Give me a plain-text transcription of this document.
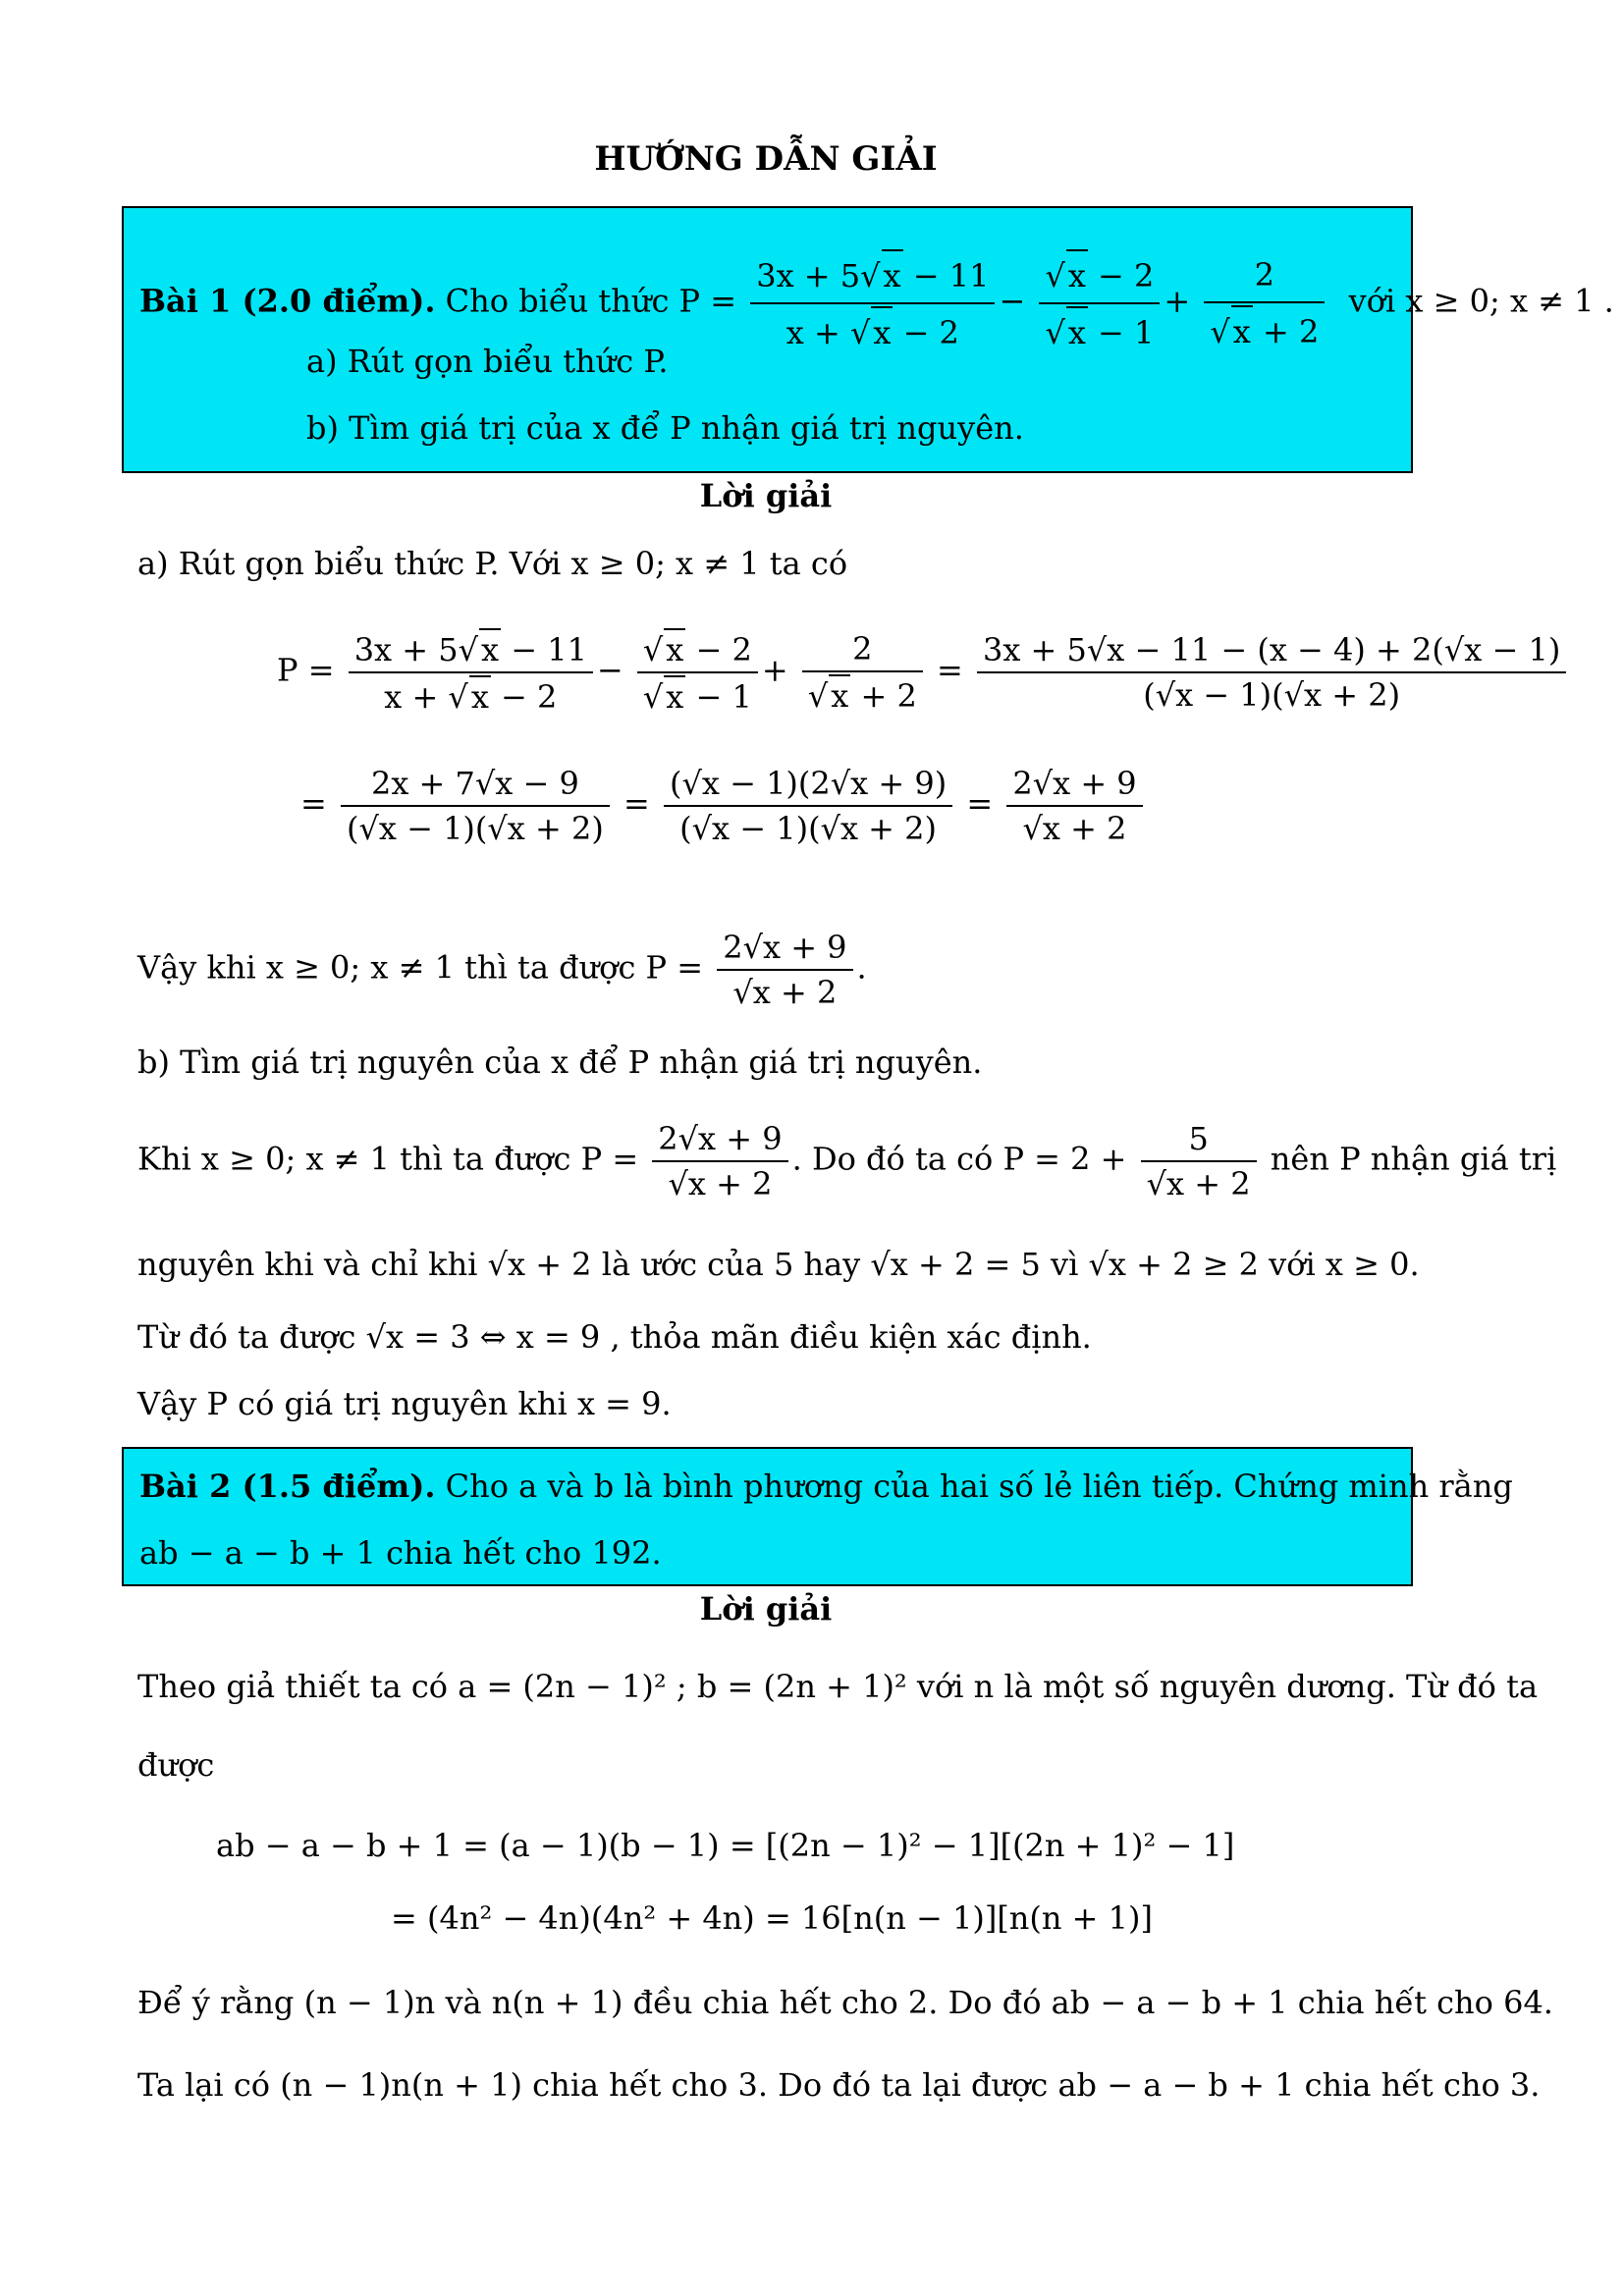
HƯỚNG DẪN GIẢI
Bài 1 (2.0 điểm). Cho biểu thức $P = \frac{3x + 5√x - 11}{x + √x - 2} - \frac{√x - 2}{√x - 1} + \frac{2}{√x + 2}$ với x ≥ 0; x ≠ 1 .
a) Rút gọn biểu thức P.
b) Tìm giá trị của x để P nhận giá trị nguyên.
Lời giải
a) Rút gọn biểu thức P. Với x ≥ 0; x ≠ 1 ta có
$P = \frac{3x + 5√x - 11}{x + √x - 2} - \frac{√x - 2}{√x - 1} + \frac{2}{√x + 2} = \frac{3x + 5√x - 11 - (x - 4) + 2(√x - 1)}{(√x - 1)(√x + 2)}$
= $\frac{2x + 7√x - 9}{(√x - 1)(√x + 2)} = \frac{(√x - 1)(2√x + 9)}{(√x - 1)(√x + 2)} = \frac{2√x + 9}{√x + 2}$
Vậy khi x ≥ 0; x ≠ 1 thì ta được $P = \frac{2√x + 9}{√x + 2}$ .
b) Tìm giá trị nguyên của x để P nhận giá trị nguyên.
Khi x ≥ 0; x ≠ 1 thì ta được $P = \frac{2√x + 9}{√x + 2}$ . Do đó ta có $P = 2 + \frac{5}{√x + 2}$ nên P nhận giá trị
nguyên khi và chỉ khi √x + 2 là ước của 5 hay √x + 2 = 5 vì √x + 2 ≥ 2 với x ≥ 0.
Từ đó ta được √x = 3 ⇔ x = 9 , thỏa mãn điều kiện xác định.
Vậy P có giá trị nguyên khi x = 9.
Bài 2 (1.5 điểm). Cho a và b là bình phương của hai số lẻ liên tiếp. Chứng minh rằng
ab − a − b + 1 chia hết cho 192.
Lời giải
Theo giả thiết ta có a = (2n − 1)² ; b = (2n + 1)² với n là một số nguyên dương. Từ đó ta
được
ab − a − b + 1 = (a − 1)(b − 1) = [(2n − 1)² − 1][(2n + 1)² − 1]
= (4n² − 4n)(4n² + 4n) = 16[n(n − 1)][n(n + 1)]
Để ý rằng (n − 1)n và n(n + 1) đều chia hết cho 2. Do đó ab − a − b + 1 chia hết cho 64.
Ta lại có (n − 1)n(n + 1) chia hết cho 3. Do đó ta lại được ab − a − b + 1 chia hết cho 3.
